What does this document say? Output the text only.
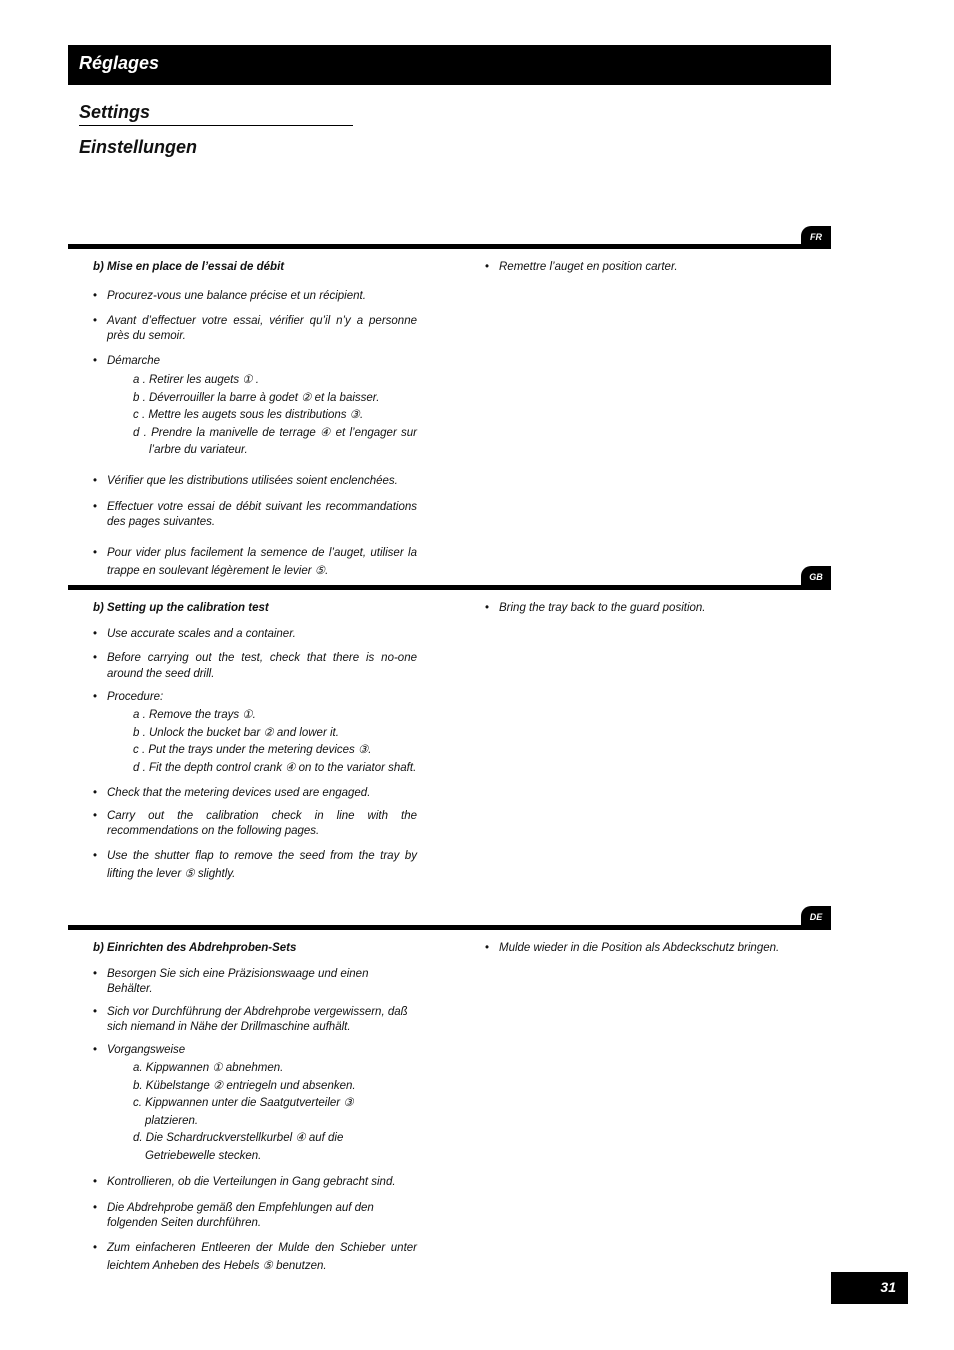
Réglages
Settings
Einstellungen
FR

b) Mise en place de l’essai de débit

• Procurez-vous une balance précise et un récipient.

• Avant d’effectuer votre essai, vérifier qu’il n’y a personne près du semoir.

• Démarche

a . Retirer les augets ① .
b . Déverrouiller la barre à godet ② et la baisser.
c . Mettre les augets sous les distributions ③.
d . Prendre la manivelle de terrage ④ et l’engager sur l’arbre du variateur.

• Vérifier que les distributions utilisées soient enclenchées.

• Effectuer votre essai de débit suivant les recommandations des pages suivantes.

• Pour vider plus facilement la semence de l’auget, utiliser la trappe en soulevant légèrement le levier ⑤.

• Remettre l’auget en position carter.

GB

b) Setting up the calibration test

• Use accurate scales and a container.

• Before carrying out the test, check that there is no-one around the seed drill.

• Procedure:

a . Remove the trays ①.
b . Unlock the bucket bar ② and lower it.
c . Put the trays under the metering devices ③.
d . Fit the depth control crank ④ on to the variator shaft.

• Check that the metering devices used are engaged.

• Carry out the calibration check in line with the recommendations on the following pages.

• Use the shutter flap to remove the seed from the tray by lifting the lever ⑤ slightly.

• Bring the tray back to the guard position.

DE

b) Einrichten des Abdrehproben-Sets

• Besorgen Sie sich eine Präzisionswaage und einen Behälter.

• Sich vor Durchführung der Abdrehprobe vergewissern, daß sich niemand in Nähe der Drillmaschine aufhält.

• Vorgangsweise

a. Kippwannen ① abnehmen.
b. Kübelstange ② entriegeln und absenken.
c. Kippwannen unter die Saatgutverteiler ③ platzieren.
d. Die Schardruckverstellkurbel ④ auf die Getriebewelle stecken.

• Kontrollieren, ob die Verteilungen in Gang gebracht sind.

• Die Abdrehprobe gemäß den Empfehlungen auf den folgenden Seiten durchführen.

• Zum einfacheren Entleeren der Mulde den Schieber unter leichtem Anheben des Hebels ⑤ benutzen.

• Mulde wieder in die Position als Abdeckschutz bringen.

31
